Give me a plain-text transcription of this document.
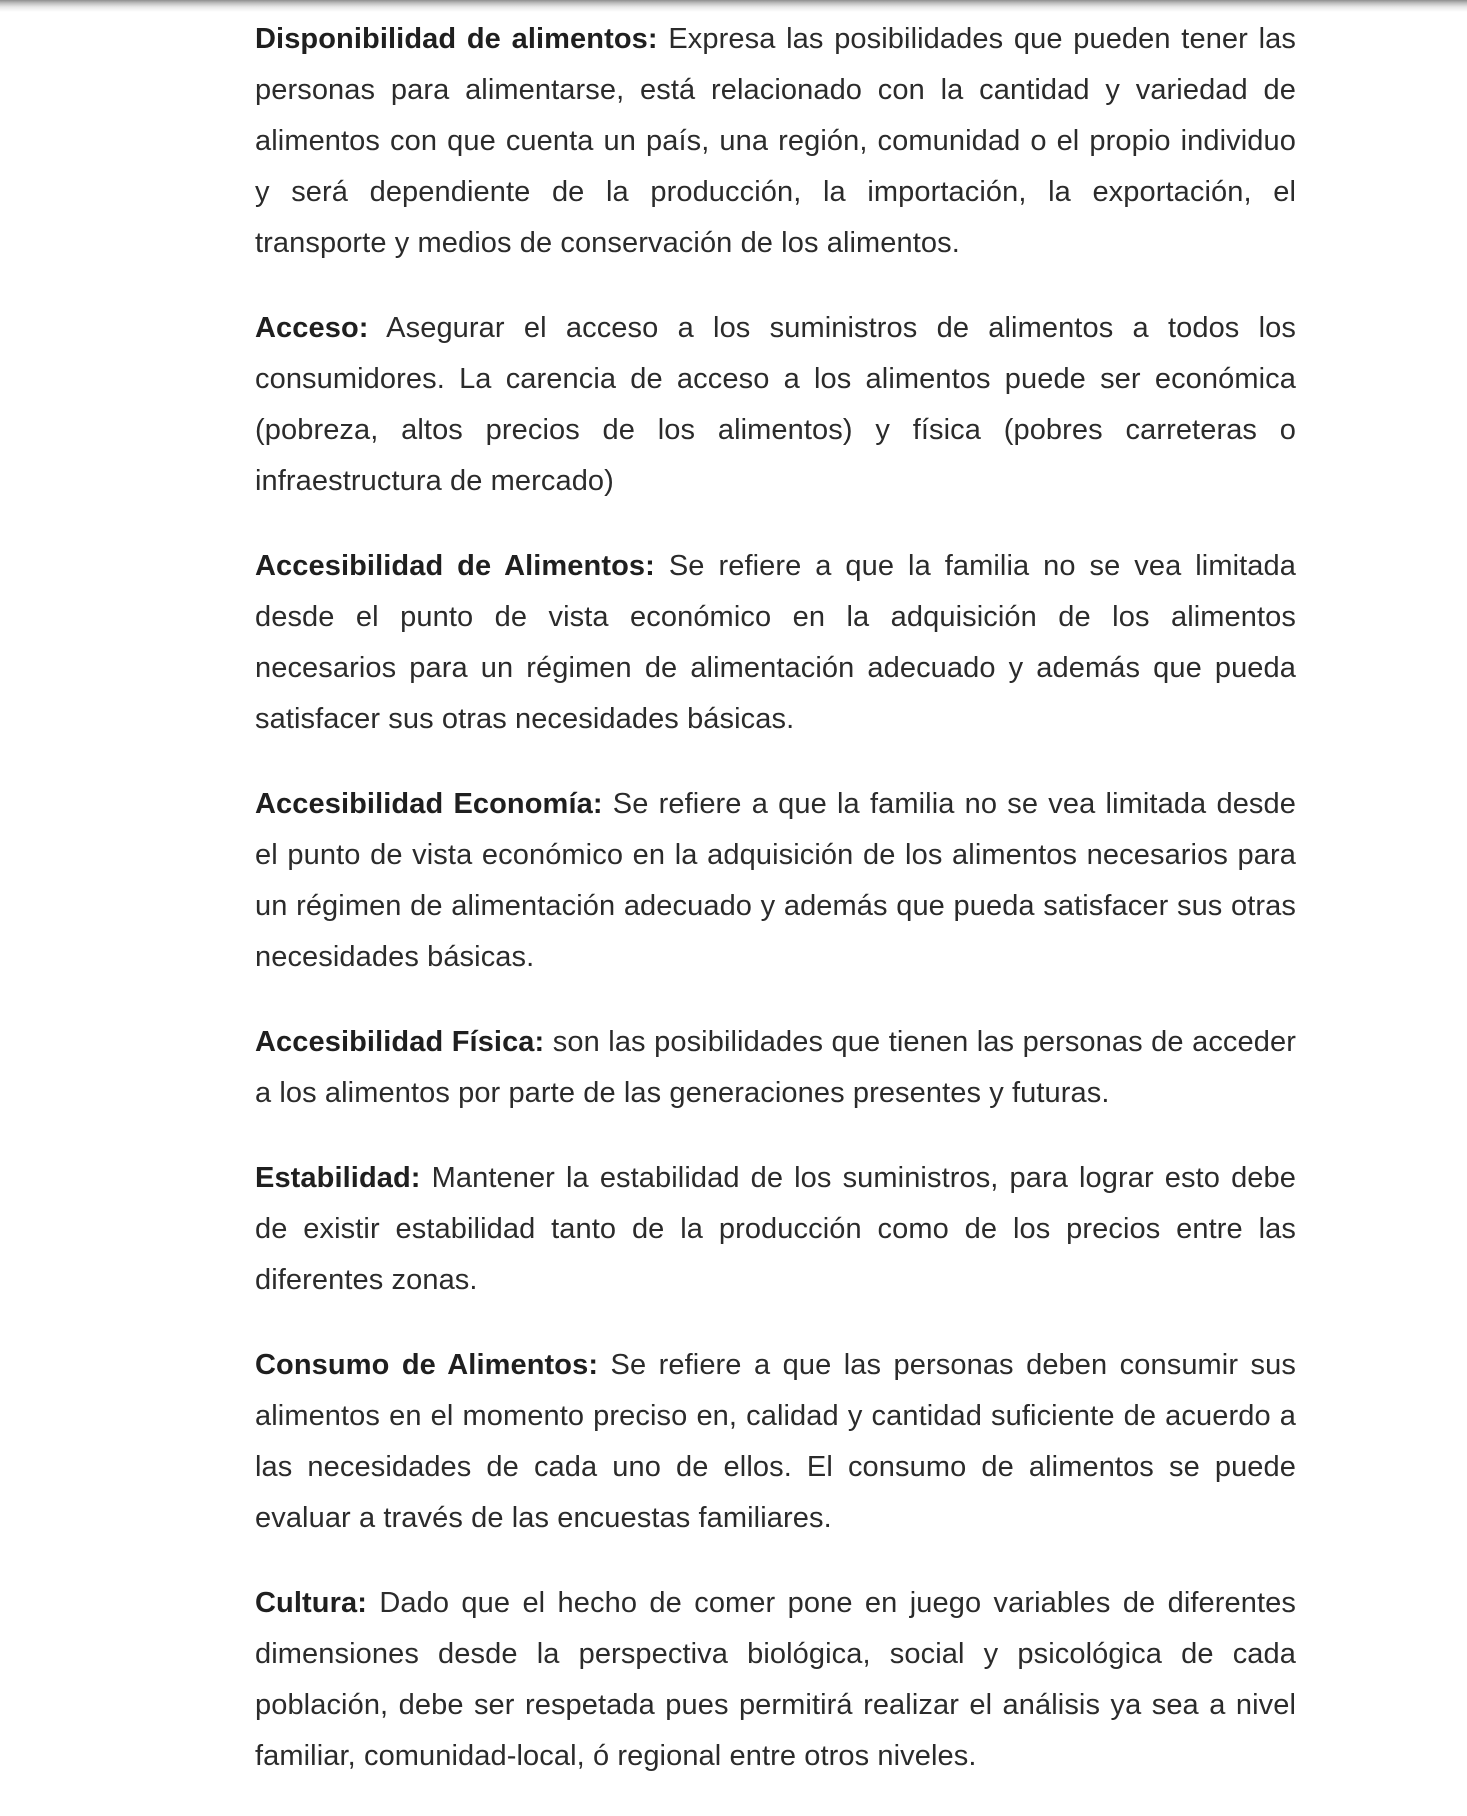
Disponibilidad de alimentos: Expresa las posibilidades que pueden tener las personas para alimentarse, está relacionado con la cantidad y variedad de alimentos con que cuenta un país, una región, comunidad o el propio individuo y será dependiente de la producción, la importación, la exportación, el transporte y medios de conservación de los alimentos.

Acceso: Asegurar el acceso a los suministros de alimentos a todos los consumidores. La carencia de acceso a los alimentos puede ser económica (pobreza, altos precios de los alimentos) y física (pobres carreteras o infraestructura de mercado)

Accesibilidad de Alimentos: Se refiere a que la familia no se vea limitada desde el punto de vista económico en la adquisición de los alimentos necesarios para un régimen de alimentación adecuado y además que pueda satisfacer sus otras necesidades básicas.

Accesibilidad Economía: Se refiere a que la familia no se vea limitada desde el punto de vista económico en la adquisición de los alimentos necesarios para un régimen de alimentación adecuado y además que pueda satisfacer sus otras necesidades básicas.

Accesibilidad Física: son las posibilidades que tienen las personas de acceder a los alimentos por parte de las generaciones presentes y futuras.

Estabilidad: Mantener la estabilidad de los suministros, para lograr esto debe de existir estabilidad tanto de la producción como de los precios entre las diferentes zonas.

Consumo de Alimentos: Se refiere a que las personas deben consumir sus alimentos en el momento preciso en, calidad y cantidad suficiente de acuerdo a las necesidades de cada uno de ellos. El consumo de alimentos se puede evaluar a través de las encuestas familiares.

Cultura: Dado que el hecho de comer pone en juego variables de diferentes dimensiones desde la perspectiva biológica, social y psicológica de cada población, debe ser respetada pues permitirá realizar el análisis ya sea a nivel familiar, comunidad-local, ó regional entre otros niveles.
